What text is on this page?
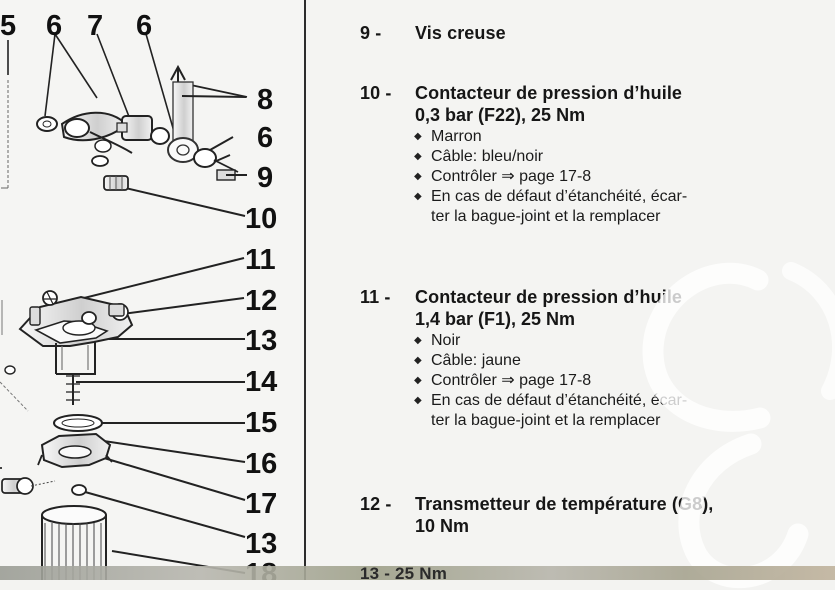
5 6 7 6
8
6
9
10
11
12
13
14
15
16
17
13
9 -	Vis creuse
10 -	Contacteur de pression d’huile
0,3 bar (F22), 25 Nm
◆ Marron
◆ Câble: bleu/noir
◆ Contrôler ⇒ page 17-8
◆ En cas de défaut d’étanchéité, écar-
ter la bague-joint et la remplacer
11 -	Contacteur de pression d’huile
1,4 bar (F1), 25 Nm
◆ Noir
◆ Câble: jaune
◆ Contrôler ⇒ page 17-8
◆ En cas de défaut d’étanchéité, écar-
ter la bague-joint et la remplacer
12 -	Transmetteur de température (G8),
10 Nm
13 - 25 Nm
